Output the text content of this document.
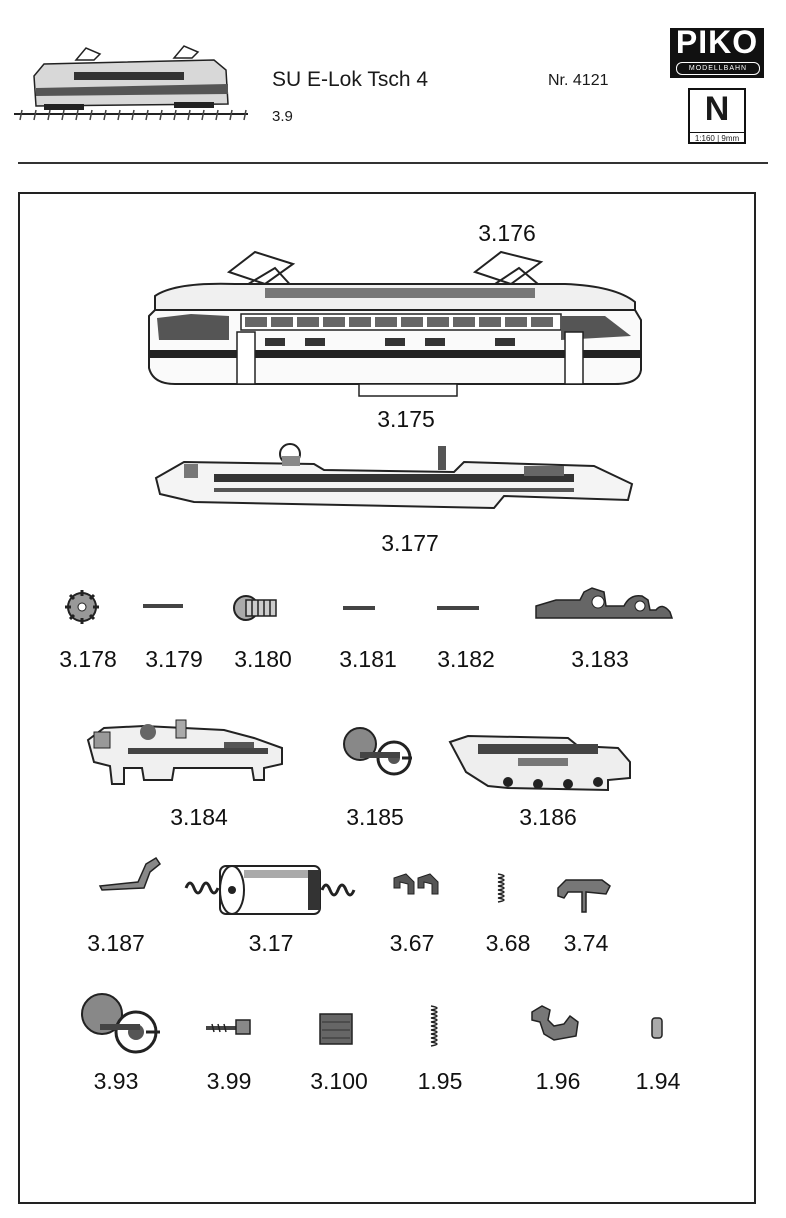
SU E-Lok Tsch 4
3.9
Nr. 4121
PIKO
MODELLBAHN
N
1:160 | 9mm
3.176
3.175
3.177
3.178 3.179 3.180 3.181 3.182	3.183
3.184	3.185	3.186
3.187	3.17	3.67 3.68 3.74
3.93	3.99	3.100 1.95	1.96 1.94
